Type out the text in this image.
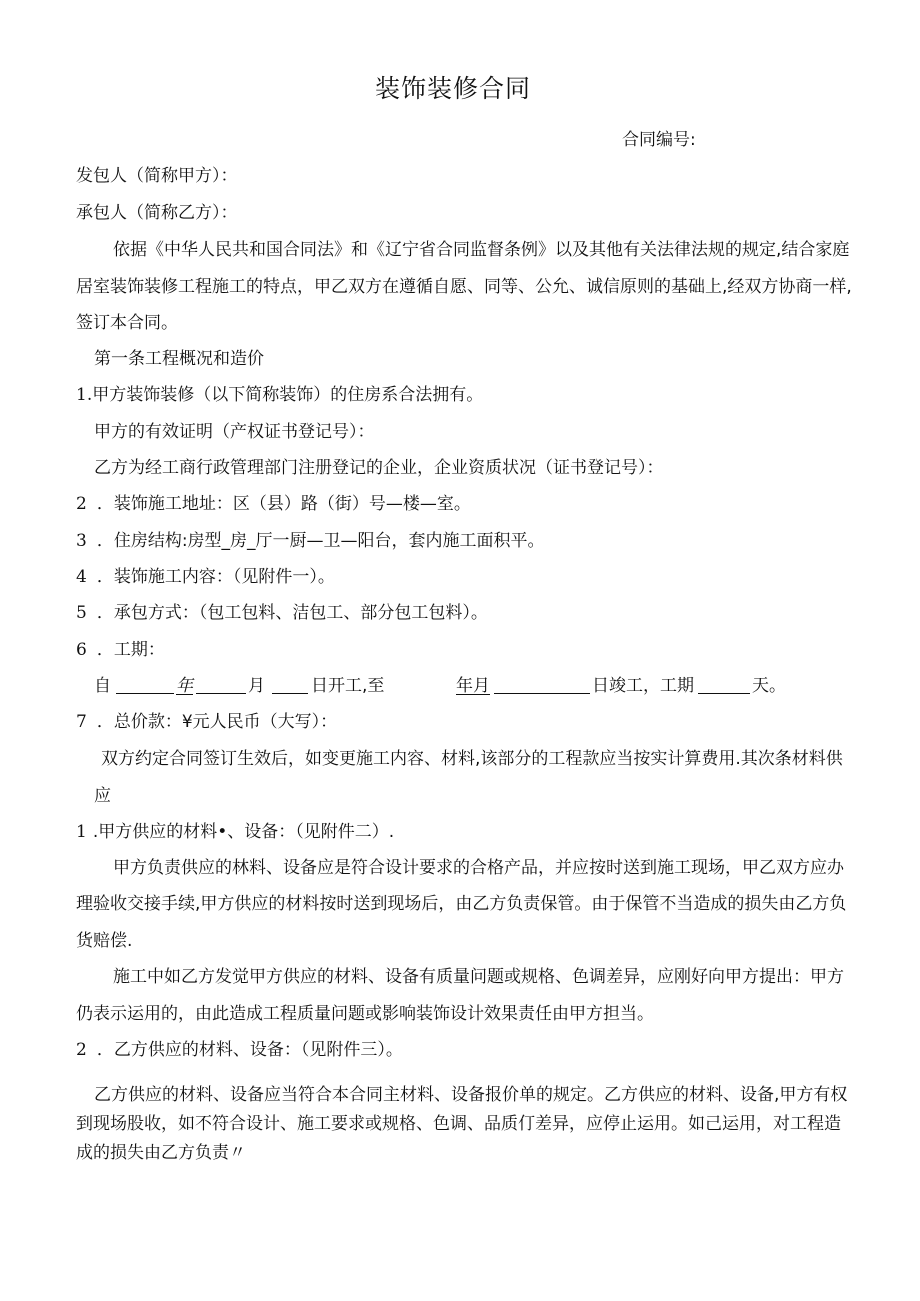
装饰装修合同
合同编号:
发包人（简称甲方）：
承包人（简称乙方）：
依据《中华人民共和国合同法》和《辽宁省合同监督条例》以及其他有关法律法规的规定,结合家庭
居室装饰装修工程施工的特点，甲乙双方在遵循自愿、同等、公允、诚信原则的基础上,经双方协商一样,
签订本合同。
第一条工程概况和造价
1.甲方装饰装修（以下简称装饰）的住房系合法拥有。
甲方的有效证明（产权证书登记号）：
乙方为经工商行政管理部门注册登记的企业，企业资质状况（证书登记号）：
2 ．装饰施工地址：区（县）路（街）号—楼—室。
3 ．住房结构:房型_房_厅一厨—卫—阳台，套内施工面积平。
4 ．装饰施工内容：（见附件一）。
5 ．承包方式：（包工包料、洁包工、部分包工包料）。
6 ．工期：
自	年	月	日开工,至	年月	日竣工，工期	天。
7 ．总价款：¥元人民币（大写）：
双方约定合同签订生效后，如变更施工内容、材料,该部分的工程款应当按实计算费用.其次条材料供
应
1 .甲方供应的材料•、设备：（见附件二）.
甲方负责供应的林料、设备应是符合设计要求的合格产品，并应按时送到施工现场，甲乙双方应办
理验收交接手续,甲方供应的材料按时送到现场后，由乙方负责保管。由于保管不当造成的损失由乙方负
货赔偿.
施工中如乙方发觉甲方供应的材料、设备有质量问题或规格、色调差异，应刚好向甲方提出：甲方
仍表示运用的，由此造成工程质量问题或影响装饰设计效果责任由甲方担当。
2 ．乙方供应的材料、设备：（见附件三）。
乙方供应的材料、设备应当符合本合同主材料、设备报价单的规定。乙方供应的材料、设备,甲方有权
到现场股收，如不符合设计、施工要求或规格、色调、品质仃差异，应停止运用。如己运用，对工程造
成的损失由乙方负责〃
